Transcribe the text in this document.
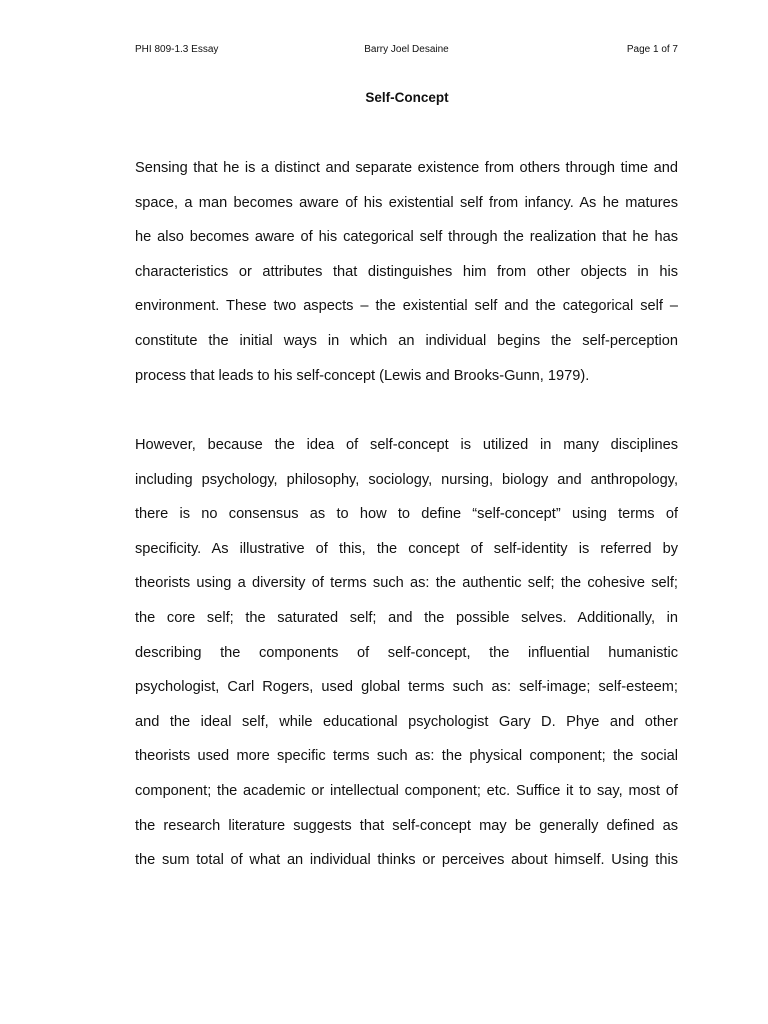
PHI 809-1.3 Essay	Barry Joel Desaine	Page 1 of 7
Self-Concept
Sensing that he is a distinct and separate existence from others through time and
space, a man becomes aware of his existential self from infancy. As he matures
he also becomes aware of his categorical self through the realization that he has
characteristics or attributes that distinguishes him from other objects in his
environment. These two aspects – the existential self and the categorical self –
constitute the initial ways in which an individual begins the self-perception
process that leads to his self-concept (Lewis and Brooks-Gunn, 1979).
However, because the idea of self-concept is utilized in many disciplines
including psychology, philosophy, sociology, nursing, biology and anthropology,
there is no consensus as to how to define “self-concept” using terms of
specificity. As illustrative of this, the concept of self-identity is referred by
theorists using a diversity of terms such as: the authentic self; the cohesive self;
the core self; the saturated self; and the possible selves. Additionally, in
describing the components of self-concept, the influential humanistic
psychologist, Carl Rogers, used global terms such as: self-image; self-esteem;
and the ideal self, while educational psychologist Gary D. Phye and other
theorists used more specific terms such as: the physical component; the social
component; the academic or intellectual component; etc. Suffice it to say, most of
the research literature suggests that self-concept may be generally defined as
the sum total of what an individual thinks or perceives about himself. Using this
